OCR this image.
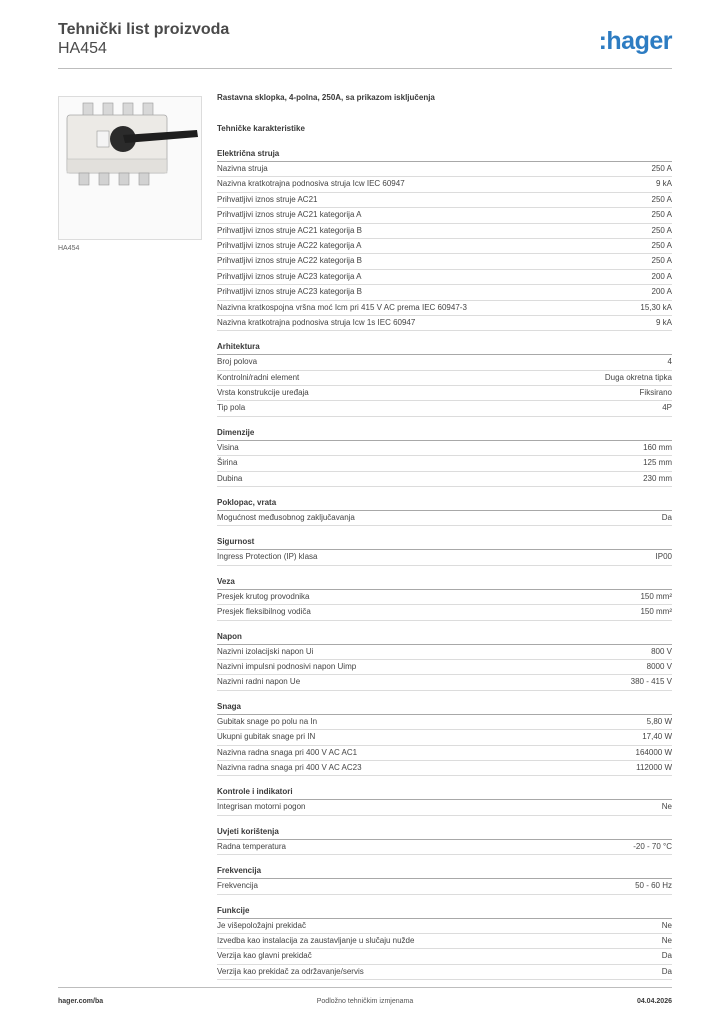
Tehnički list proizvoda
HA454	:hager
HA454
Rastavna sklopka, 4-polna, 250A, sa prikazom isključenja
Tehničke karakteristike
Električna struja
Nazivna struja	250 A
Nazivna kratkotrajna podnosiva struja Icw IEC 60947	9 kA
Prihvatljivi iznos struje AC21	250 A
Prihvatljivi iznos struje AC21 kategorija A	250 A
Prihvatljivi iznos struje AC21 kategorija B	250 A
Prihvatljivi iznos struje AC22 kategorija A	250 A
Prihvatljivi iznos struje AC22 kategorija B	250 A
Prihvatljivi iznos struje AC23 kategorija A	200 A
Prihvatljivi iznos struje AC23 kategorija B	200 A
Nazivna kratkospojna vršna moć Icm pri 415 V AC prema IEC 60947-3	15,30 kA
Nazivna kratkotrajna podnosiva struja Icw 1s IEC 60947	9 kA
Arhitektura
Broj polova	4
Kontrolni/radni element	Duga okretna tipka
Vrsta konstrukcije uređaja	Fiksirano
Tip pola	4P
Dimenzije
Visina	160 mm
Širina	125 mm
Dubina	230 mm
Poklopac, vrata
Mogućnost međusobnog zaključavanja	Da
Sigurnost
Ingress Protection (IP) klasa	IP00
Veza
Presjek krutog provodnika	150 mm²
Presjek fleksibilnog vodiča	150 mm²
Napon
Nazivni izolacijski napon Ui	800 V
Nazivni impulsni podnosivi napon Uimp	8000 V
Nazivni radni napon Ue	380 - 415 V
Snaga
Gubitak snage po polu na In	5,80 W
Ukupni gubitak snage pri IN	17,40 W
Nazivna radna snaga pri 400 V AC AC1	164000 W
Nazivna radna snaga pri 400 V AC AC23	112000 W
Kontrole i indikatori
Integrisan motorni pogon	Ne
Uvjeti korištenja
Radna temperatura	-20 - 70 °C
Frekvencija
Frekvencija	50 - 60 Hz
Funkcije
Je višepoložajni prekidač	Ne
Izvedba kao instalacija za zaustavljanje u slučaju nužde	Ne
Verzija kao glavni prekidač	Da
Verzija kao prekidač za održavanje/servis	Da
hager.com/ba	Podložno tehničkim izmjenama	04.04.2026
